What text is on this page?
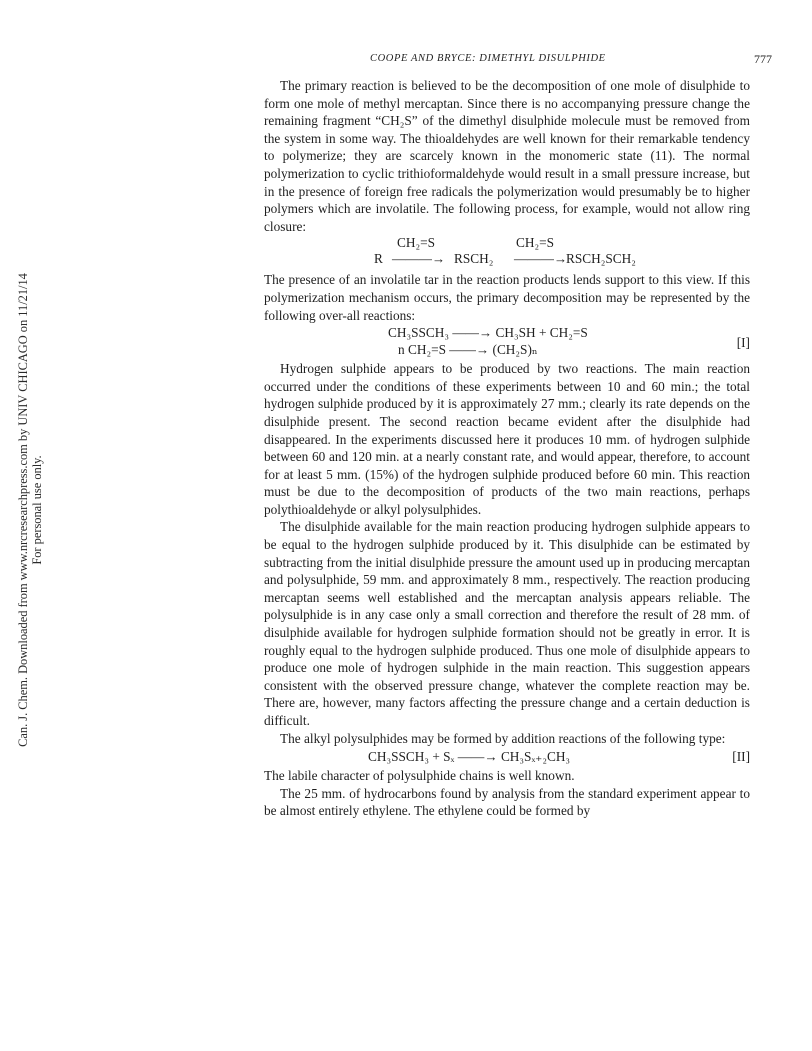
Can. J. Chem. Downloaded from www.nrcresearchpress.com by UNIV CHICAGO on 11/21/14 For personal use only.
COOPE AND BRYCE: DIMETHYL DISULPHIDE	777

The primary reaction is believed to be the decomposition of one mole of disulphide to form one mole of methyl mercaptan. Since there is no accompanying pressure change the remaining fragment “CH₂S” of the dimethyl disulphide molecule must be removed from the system in some way. The thioaldehydes are well known for their remarkable tendency to polymerize; they are scarcely known in the monomeric state (11). The normal polymerization to cyclic trithioformaldehyde would result in a small pressure increase, but in the presence of foreign free radicals the polymerization would presumably be to higher polymers which are involatile. The following process, for example, would not allow ring closure:

CH₂=S	CH₂=S
R ———→ RSCH₂ ———→
RSCH₂SCH₂

The presence of an involatile tar in the reaction products lends support to this view. If this polymerization mechanism occurs, the primary decomposition may be represented by the following over-all reactions:

CH₃SSCH₃ ——→ CH₃SH + CH₂=S
n CH₂=S ——→ (CH₂S)ₙ	[I]

Hydrogen sulphide appears to be produced by two reactions. The main reaction occurred under the conditions of these experiments between 10 and 60 min.; the total hydrogen sulphide produced by it is approximately 27 mm.; clearly its rate depends on the disulphide present. The second reaction became evident after the disulphide had disappeared. In the experiments discussed here it produces 10 mm. of hydrogen sulphide between 60 and 120 min. at a nearly constant rate, and would appear, therefore, to account for at least 5 mm. (15%) of the hydrogen sulphide produced before 60 min. This reaction must be due to the decomposition of products of the two main reactions, perhaps polythioaldehyde or alkyl polysulphides.

The disulphide available for the main reaction producing hydrogen sulphide appears to be equal to the hydrogen sulphide produced by it. This disulphide can be estimated by subtracting from the initial disulphide pressure the amount used up in producing mercaptan and polysulphide, 59 mm. and approximately 8 mm., respectively. The reaction producing mercaptan seems well established and the mercaptan analysis appears reliable. The polysulphide is in any case only a small correction and therefore the result of 28 mm. of disulphide available for hydrogen sulphide formation should not be greatly in error. It is roughly equal to the hydrogen sulphide produced. Thus one mole of disulphide appears to produce one mole of hydrogen sulphide in the main reaction. This suggestion appears consistent with the observed pressure change, whatever the complete reaction may be. There are, however, many factors affecting the pressure change and a certain deduction is difficult.

The alkyl polysulphides may be formed by addition reactions of the following type:

CH₃SSCH₃ + Sₓ ——→ CH₃Sₓ₊₂CH₃	[II]

The labile character of polysulphide chains is well known.

The 25 mm. of hydrocarbons found by analysis from the standard experiment appear to be almost entirely ethylene. The ethylene could be formed by
